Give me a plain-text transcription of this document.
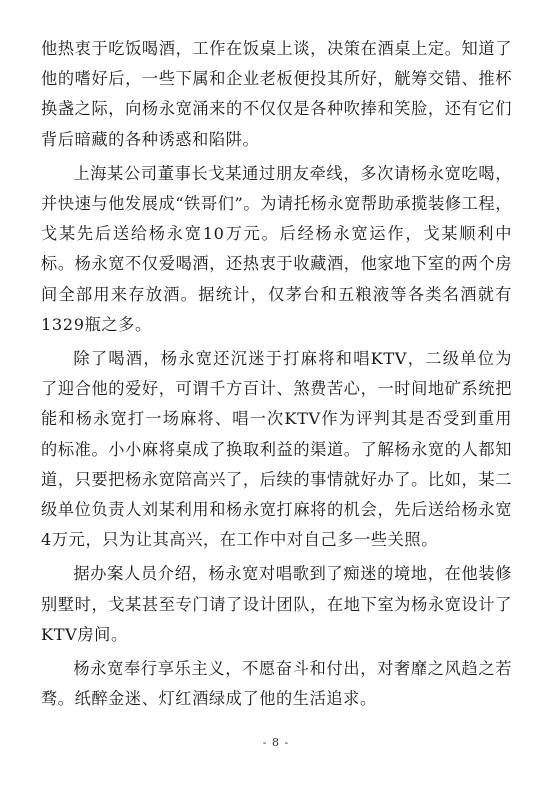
他热衷于吃饭喝酒，工作在饭桌上谈，决策在酒桌上定。知道了他的嗜好后，一些下属和企业老板便投其所好，觥筹交错、推杯换盏之际，向杨永宽涌来的不仅仅是各种吹捧和笑脸，还有它们背后暗藏的各种诱惑和陷阱。

上海某公司董事长戈某通过朋友牵线，多次请杨永宽吃喝，并快速与他发展成“铁哥们”。为请托杨永宽帮助承揽装修工程，戈某先后送给杨永宽10万元。后经杨永宽运作，戈某顺利中标。杨永宽不仅爱喝酒，还热衷于收藏酒，他家地下室的两个房间全部用来存放酒。据统计，仅茅台和五粮液等各类名酒就有1329瓶之多。

除了喝酒，杨永宽还沉迷于打麻将和唱KTV，二级单位为了迎合他的爱好，可谓千方百计、煞费苦心，一时间地矿系统把能和杨永宽打一场麻将、唱一次KTV作为评判其是否受到重用的标准。小小麻将桌成了换取利益的渠道。了解杨永宽的人都知道，只要把杨永宽陪高兴了，后续的事情就好办了。比如，某二级单位负责人刘某利用和杨永宽打麻将的机会，先后送给杨永宽4万元，只为让其高兴，在工作中对自己多一些关照。

据办案人员介绍，杨永宽对唱歌到了痴迷的境地，在他装修别墅时，戈某甚至专门请了设计团队，在地下室为杨永宽设计了KTV房间。

杨永宽奉行享乐主义，不愿奋斗和付出，对奢靡之风趋之若骛。纸醉金迷、灯红酒绿成了他的生活追求。

- 8 -
